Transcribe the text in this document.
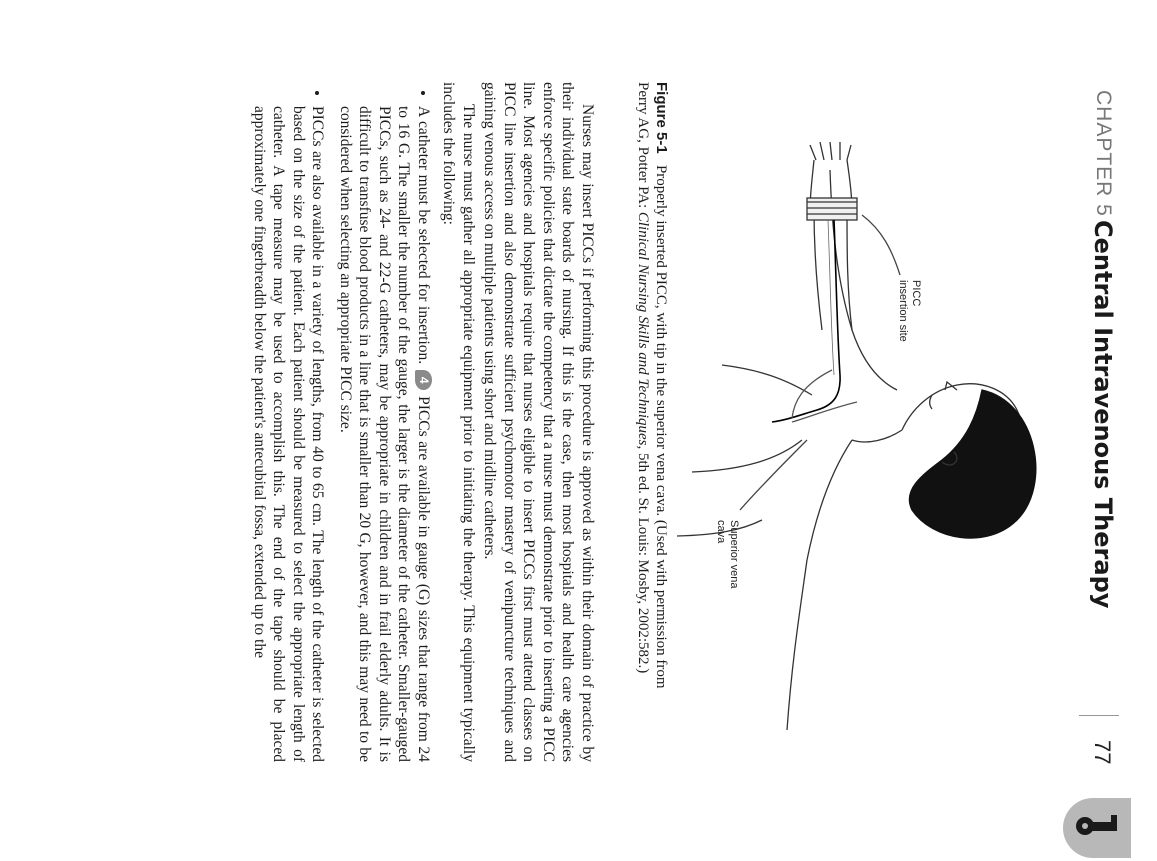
CHAPTER 5
Central Intravenous Therapy
77
PICC insertion site
Superior vena cava
Figure 5-1   Properly inserted PICC, with tip in the superior vena cava. (Used with permission from Perry AG, Potter PA: Clinical Nursing Skills and Techniques, 5th ed. St. Louis: Mosby, 2002:582.)

Nurses may insert PICCs if performing this procedure is approved as within their domain of practice by their individual state boards of nursing. If this is the case, then most hospitals and health care agencies enforce specific policies that dictate the competency that a nurse must demonstrate prior to inserting a PICC line. Most agencies and hospitals require that nurses eligible to insert PICCs first must attend classes on PICC line insertion and also demonstrate sufficient psychomotor mastery of venipuncture techniques and gaining venous access on multiple patients using short and midline catheters.

The nurse must gather all appropriate equipment prior to initiating the therapy. This equipment typically includes the following:

• A catheter must be selected for insertion.4PICCs are available in gauge (G) sizes that range from 24 to 16 G. The smaller the number of the gauge, the larger is the diameter of the catheter. Smaller-gauged PICCs, such as 24- and 22-G catheters, may be appropriate in children and in frail elderly adults. It is difficult to transfuse blood products in a line that is smaller than 20 G, however, and this may need to be considered when selecting an appropriate PICC size.
• PICCs are also available in a variety of lengths, from 40 to 65 cm. The length of the catheter is selected based on the size of the patient. Each patient should be measured to select the appropriate length of catheter. A tape measure may be used to accomplish this. The end of the tape should be placed approximately one fingerbreadth below the patient's antecubital fossa, extended up to the
